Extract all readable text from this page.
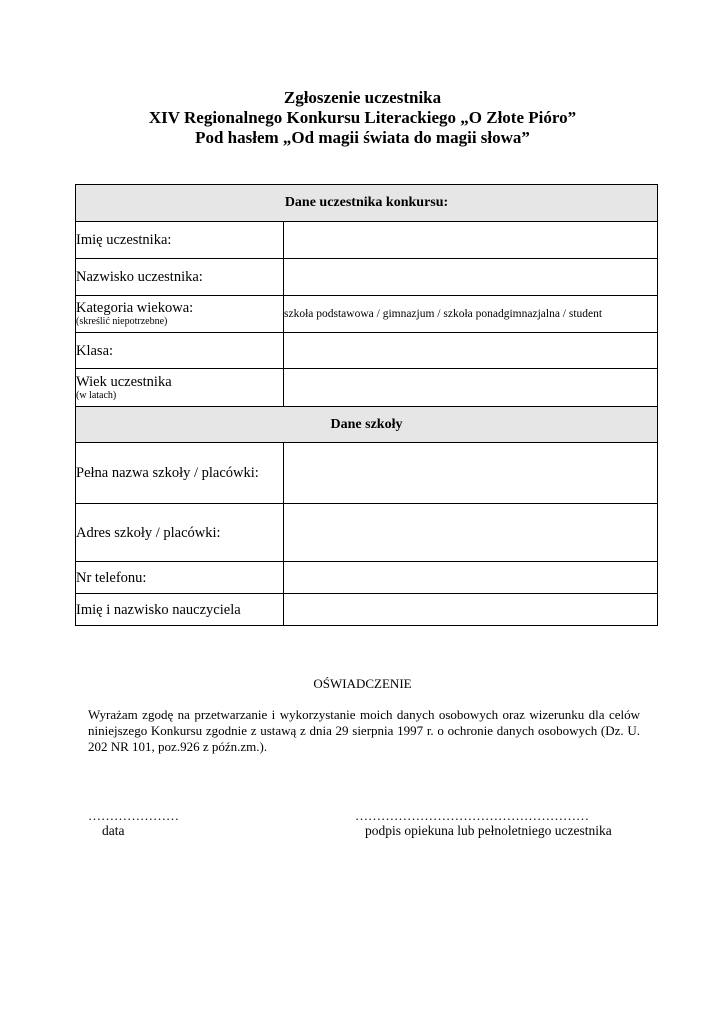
Zgłoszenie uczestnika
XIV Regionalnego Konkursu Literackiego „O Złote Pióro”
Pod hasłem „Od magii świata do magii słowa”
Dane uczestnika konkursu:	

Imię uczestnika:	

Nazwisko uczestnika:	

Kategoria wiekowa:
(skreślić niepotrzebne)	szkoła podstawowa / gimnazjum / szkoła ponadgimnazjalna / student

Klasa:	

Wiek uczestnika
(w latach)	

Dane szkoły	

Pełna nazwa szkoły / placówki:	

Adres szkoły / placówki:	

Nr telefonu:	

Imię i nazwisko nauczyciela	

OŚWIADCZENIE
Wyrażam zgodę na przetwarzanie i wykorzystanie moich danych osobowych oraz wizerunku dla celów niniejszego Konkursu zgodnie z ustawą z dnia 29 sierpnia 1997 r. o ochronie danych osobowych (Dz. U. 202 NR 101, poz.926 z późn.zm.).
…………………	………………………………………………
data	podpis opiekuna lub pełnoletniego uczestnika
